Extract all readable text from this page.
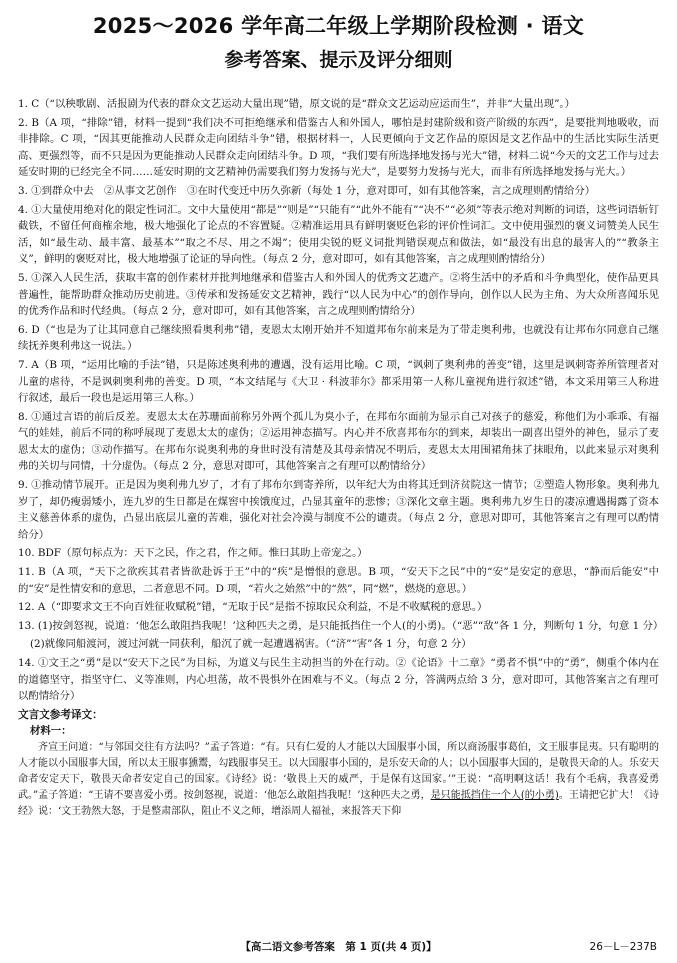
2025～2026 学年高二年级上学期阶段检测 · 语文
参考答案、提示及评分细则

1. C（“以秧歌剧、活报剧为代表的群众文艺运动大量出现”错，原文说的是“群众文艺运动应运而生”，并非“大量出现”。）

2. B（A 项，“排除”错，材料一提到“我们决不可拒绝继承和借鉴古人和外国人，哪怕是封建阶级和资产阶级的东西”，是要批判地吸收，而非排除。C 项，“因其更能推动人民群众走向团结斗争”错，根据材料一，人民更倾向于文艺作品的原因是文艺作品中的生活比实际生活更高、更强烈等，而不只是因为更能推动人民群众走向团结斗争。D 项，“我们要有所选择地发扬与光大”错，材料二说“今天的文艺工作与过去延安时期的已经完全不同……延安时期的文艺精神仍需要我们努力发扬与光大”，是要努力发扬与光大，而非有所选择地发扬与光大。）

3. ①到群众中去　②从事文艺创作　③在时代变迁中历久弥新（每处 1 分，意对即可，如有其他答案，言之成理则酌情给分）

4. ①大量使用绝对化的限定性词汇。文中大量使用“都是”“则是”“只能有”“此外不能有”“决不”“必须”等表示绝对判断的词语，这些词语斩钉截铁，不留任何商榷余地，极大地强化了论点的不容置疑。②精准运用具有鲜明褒贬色彩的评价性词汇。文中使用强烈的褒义词赞美人民生活，如“最生动、最丰富、最基本”“取之不尽、用之不竭”；使用尖锐的贬义词批判错误观点和做法，如“最没有出息的最害人的”“教条主义”，鲜明的褒贬对比，极大地增强了论证的导向性。（每点 2 分，意对即可，如有其他答案，言之成理则酌情给分）

5. ①深入人民生活，获取丰富的创作素材并批判地继承和借鉴古人和外国人的优秀文艺遗产。②将生活中的矛盾和斗争典型化，使作品更具普遍性，能帮助群众推动历史前进。③传承和发扬延安文艺精神，践行“以人民为中心”的创作导向，创作以人民为主角、为大众所喜闻乐见的优秀作品和时代经典。（每点 2 分，意对即可，如有其他答案，言之成理则酌情给分）

6. D（“也是为了让其同意自己继续照看奥利弗”错，麦恩太太刚开始并不知道邦布尔前来是为了带走奥利弗，也就没有让邦布尔同意自己继续抚养奥利弗这一说法。）

7. A（B 项，“运用比喻的手法”错，只是陈述奥利弗的遭遇，没有运用比喻。C 项，“讽刺了奥利弗的善变”错，这里是讽刺寄养所管理者对儿童的虐待，不是讽刺奥利弗的善变。D 项，“本文结尾与《大卫 · 科波菲尔》都采用第一人称儿童视角进行叙述”错，本文采用第三人称进行叙述，最后一段也是运用第三人称。）

8. ①通过言语的前后反差。麦恩太太在苏珊面前称另外两个孤儿为臭小子，在邦布尔面前为显示自己对孩子的慈爱，称他们为小乖乖、有福气的娃娃，前后不同的称呼展现了麦恩太太的虚伪；②运用神态描写。内心并不欣喜邦布尔的到来，却装出一副喜出望外的神色，显示了麦恩太太的虚伪；③动作描写。在邦布尔说奥利弗的身世时没有清楚及其母亲情况不明后，麦恩太太用围裙角抹了抹眼角，以此来显示对奥利弗的关切与同情，十分虚伪。（每点 2 分，意思对即可，其他答案言之有理可以酌情给分）

9. ①推动情节展开。正是因为奥利弗九岁了，才有了邦布尔到寄养所，以年纪大为由将其迁到济贫院这一情节；②塑造人物形象。奥利弗九岁了，却仍瘦弱矮小，连九岁的生日都是在煤窖中挨饿度过，凸显其童年的悲惨；③深化文章主题。奥利弗九岁生日的凄凉遭遇揭露了资本主义慈善体系的虚伪，凸显出底层儿童的苦难，强化对社会冷漠与制度不公的谴责。（每点 2 分，意思对即可，其他答案言之有理可以酌情给分）

10. BDF（原句标点为：天下之民，作之君，作之师。惟曰其助上帝宠之。）

11. B（A 项，“天下之欲疾其君者皆欲赴诉于王”中的“疾”是憎恨的意思。B 项，“安天下之民”中的“安”是安定的意思，“静而后能安”中的“安”是性情安和的意思，二者意思不同。D 项，“若火之始然”中的“然”，同“燃”，燃烧的意思。）

12. A（“即要求文王不向百姓征收赋税”错，“无取于民”是指不掠取民众利益，不是不收赋税的意思。）

13. (1)按剑怒视，说道：‘他怎么敢阻挡我呢！’这种匹夫之勇，是只能抵挡住一个人(的小勇)。（“恶”“敌”各 1 分，判断句 1 分，句意 1 分）

(2)就像同船渡河，渡过河就一同获利，船沉了就一起遭遇祸害。（“济”“害”各 1 分，句意 2 分）

14. ①文王之“勇”是以“安天下之民”为目标，为道义与民生主动担当的外在行动。②《论语》十二章》“勇者不惧”中的“勇”，侧重个体内在的道德坚守，指坚守仁、义等准则，内心坦荡，故不畏惧外在困难与不义。（每点 2 分，答满两点给 3 分，意对即可，其他答案言之有理可以酌情给分）

文言文参考译文：
材料一：

齐宣王问道：“与邻国交往有方法吗？”孟子答道：“有。只有仁爱的人才能以大国服事小国，所以商汤服事葛伯，文王服事昆夷。只有聪明的人才能以小国服事大国，所以太王服事獯鬻，勾践服事吴王。以大国服事小国的，是乐安天命的人；以小国服事大国的，是敬畏天命的人。乐安天命者安定天下，敬畏天命者安定自己的国家。《诗经》说：‘敬畏上天的威严，于是保有这国家。’”王说：“高明啊这话！我有个毛病，我喜爱勇武。”孟子答道：“王请不要喜爱小勇。按剑怒视，说道：‘他怎么敢阻挡我呢！’这种匹夫之勇，是只能抵挡住一个人(的小勇)。王请把它扩大！《诗经》说：‘文王勃然大怒，于是整肃部队，阻止不义之师，增添周人福祉，来报答天下仰

【高二语文参考答案　第 1 页(共 4 页)】	26－L－237B
